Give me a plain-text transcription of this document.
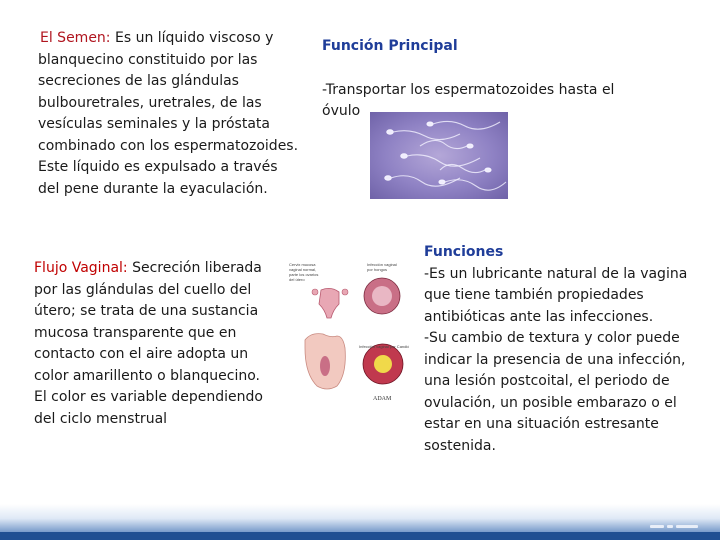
El Semen: Es un líquido viscoso y
blanquecino constituido por las
secreciones de las glándulas
bulbouretrales, uretrales, de las
vesículas seminales y la próstata
combinado con los espermatozoides.
Este líquido es expulsado a través
del pene durante la eyaculación.
Función Principal
-Transportar los espermatozoides hasta el
óvulo
Flujo Vaginal: Secreción liberada
por las glándulas del cuello del
útero; se trata de una sustancia
mucosa transparente que en
contacto con el aire adopta un
color amarillento o blanquecino.
El color es variable dependiendo
del ciclo menstrual
Cervix mucosa vaginal normal, parte los ovarios del útero
Infección vaginal por hongos
Infección vaginal por Candida
ADAM
Funciones
-Es un lubricante natural de la vagina
que tiene también propiedades
antibióticas ante las infecciones.
-Su cambio de textura y color puede
indicar la presencia de una infección,
una lesión postcoital, el periodo de
ovulación, un posible embarazo o el
estar en una situación estresante
sostenida.
